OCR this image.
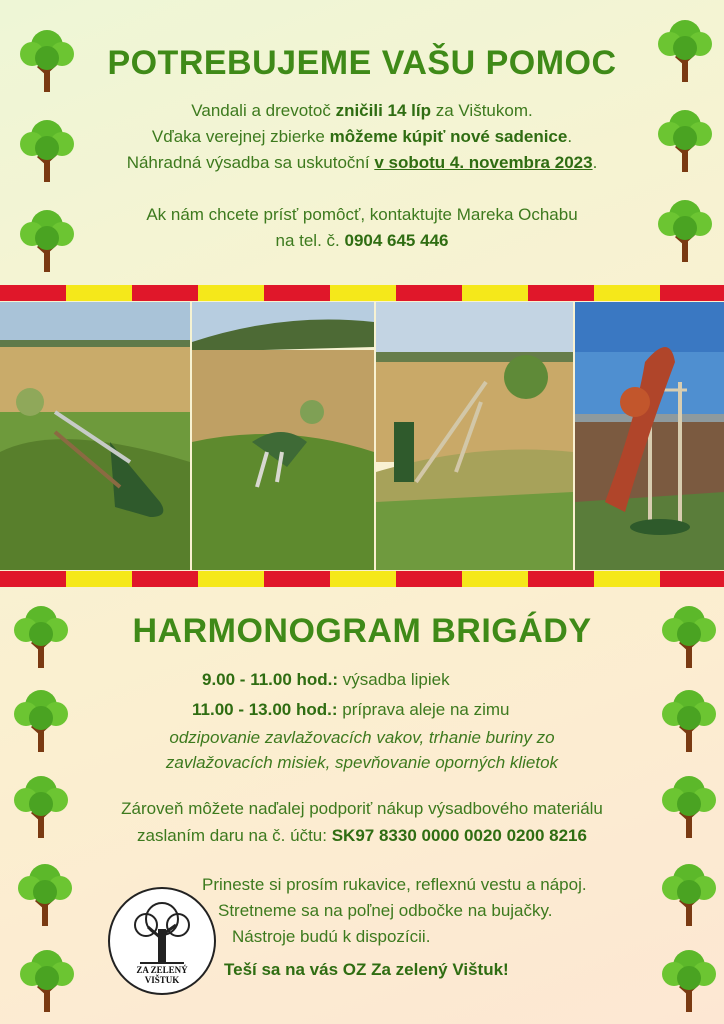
POTREBUJEME VAŠU POMOC
Vandali a drevotoč zničili 14 líp za Vištukom.
Vďaka verejnej zbierke môžeme kúpiť nové sadenice.
Náhradná výsadba sa uskutoční v sobotu 4. novembra 2023.
Ak nám chcete prísť pomôcť, kontaktujte Mareka Ochabu
na tel. č. 0904 645 446
HARMONOGRAM BRIGÁDY
9.00 - 11.00 hod.: výsadba lipiek
11.00 - 13.00 hod.: príprava aleje na zimu
odzipovanie zavlažovacích vakov, trhanie buriny zo
zavlažovacích misiek, spevňovanie oporných klietok
Zároveň môžete naďalej podporiť nákup výsadbového materiálu
zaslaním daru na č. účtu: SK97 8330 0000 0020 0200 8216
Prineste si prosím rukavice, reflexnú vestu a nápoj.
Stretneme sa na poľnej odbočke na bujačky.
Nástroje budú k dispozícii.
Teší sa na vás OZ Za zelený Vištuk!
ZA ZELENÝ
VIŠTUK
